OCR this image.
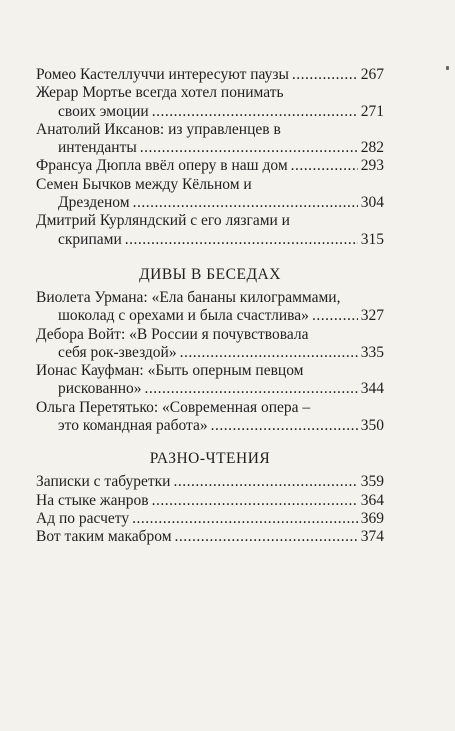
Ромео Кастеллуччи интересуют паузы .....	267
Жерар Мортье всегда хотел понимать
своих эмоции .....	271
Анатолий Иксанов: из управленцев в
интенданты .....	282
Франсуа Дюпла ввёл оперу в наш дом .....	293
Семен Бычков между Кёльном и
Дрезденом .....	304
Дмитрий Курляндский с его лязгами и
скрипами .....	315
ДИВЫ В БЕСЕДАХ
Виолета Урмана: «Ела бананы килограммами,
шоколад с орехами и была счастлива» .....	327
Дебора Войт: «В России я почувствовала
себя рок-звездой» .....	335
Ионас Кауфман: «Быть оперным певцом
рискованно» .....	344
Ольга Перетятько: «Современная опера –
это командная работа» .....	350
РАЗНО-ЧТЕНИЯ
Записки с табуретки .....	359
На стыке жанров .....	364
Ад по расчету .....	369
Вот таким макабром .....	374
